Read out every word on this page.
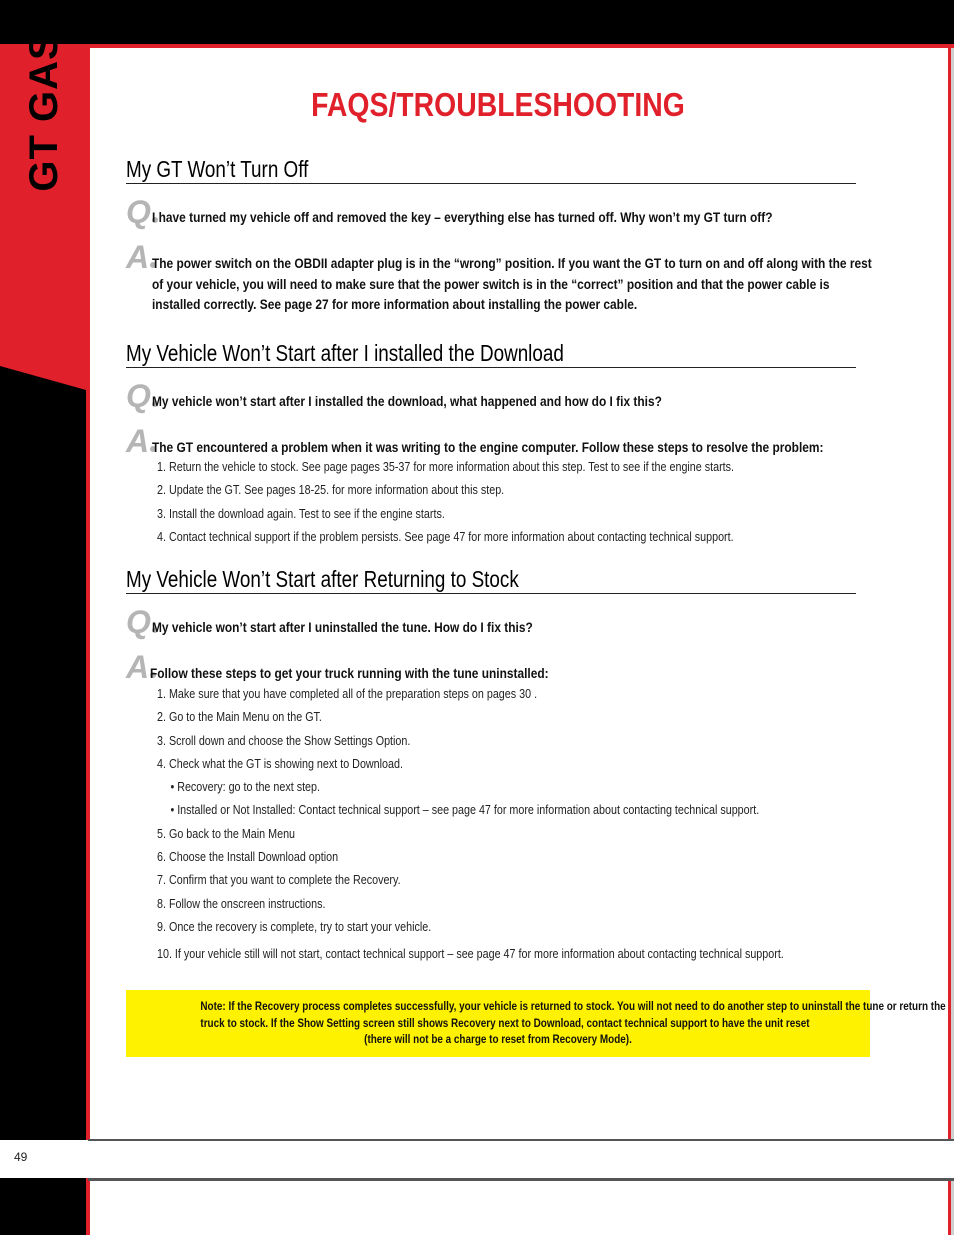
40415 GT GAS	FAQS/TROUBLESHOOTING
My GT Won’t Turn Off
Q I have turned my vehicle off and removed the key – everything else has turned off. Why won’t my GT turn off?
A The power switch on the OBDII adapter plug is in the “wrong” position. If you want the GT to turn on and off along with the rest of your vehicle, you will need to make sure that the power switch is in the “correct” position and that the power cable is installed correctly. See page 27 for more information about installing the power cable.
My Vehicle Won’t Start after I installed the Download
Q My vehicle won’t start after I installed the download, what happened and how do I fix this?
A The GT encountered a problem when it was writing to the engine computer. Follow these steps to resolve the problem:
1. Return the vehicle to stock. See page pages 35-37 for more information about this step. Test to see if the engine starts.
2. Update the GT. See pages 18-25. for more information about this step.
3. Install the download again. Test to see if the engine starts.
4. Contact technical support if the problem persists. See page 47 for more information about contacting technical support.
My Vehicle Won’t Start after Returning to Stock
Q My vehicle won’t start after I uninstalled the tune. How do I fix this?
A Follow these steps to get your truck running with the tune uninstalled:
1. Make sure that you have completed all of the preparation steps on pages 30 .
2. Go to the Main Menu on the GT.
3. Scroll down and choose the Show Settings Option.
4. Check what the GT is showing next to Download.
• Recovery: go to the next step.
• Installed or Not Installed: Contact technical support – see page 47 for more information about contacting technical support.
5. Go back to the Main Menu
6. Choose the Install Download option
7. Confirm that you want to complete the Recovery.
8. Follow the onscreen instructions.
9. Once the recovery is complete, try to start your vehicle.
10. If your vehicle still will not start, contact technical support – see page 47 for more information about contacting technical support.
Note: If the Recovery process completes successfully, your vehicle is returned to stock. You will not need to do another step to uninstall the tune or return the
truck to stock. If the Show Setting screen still shows Recovery next to Download, contact technical support to have the unit reset
(there will not be a charge to reset from Recovery Mode).
49
